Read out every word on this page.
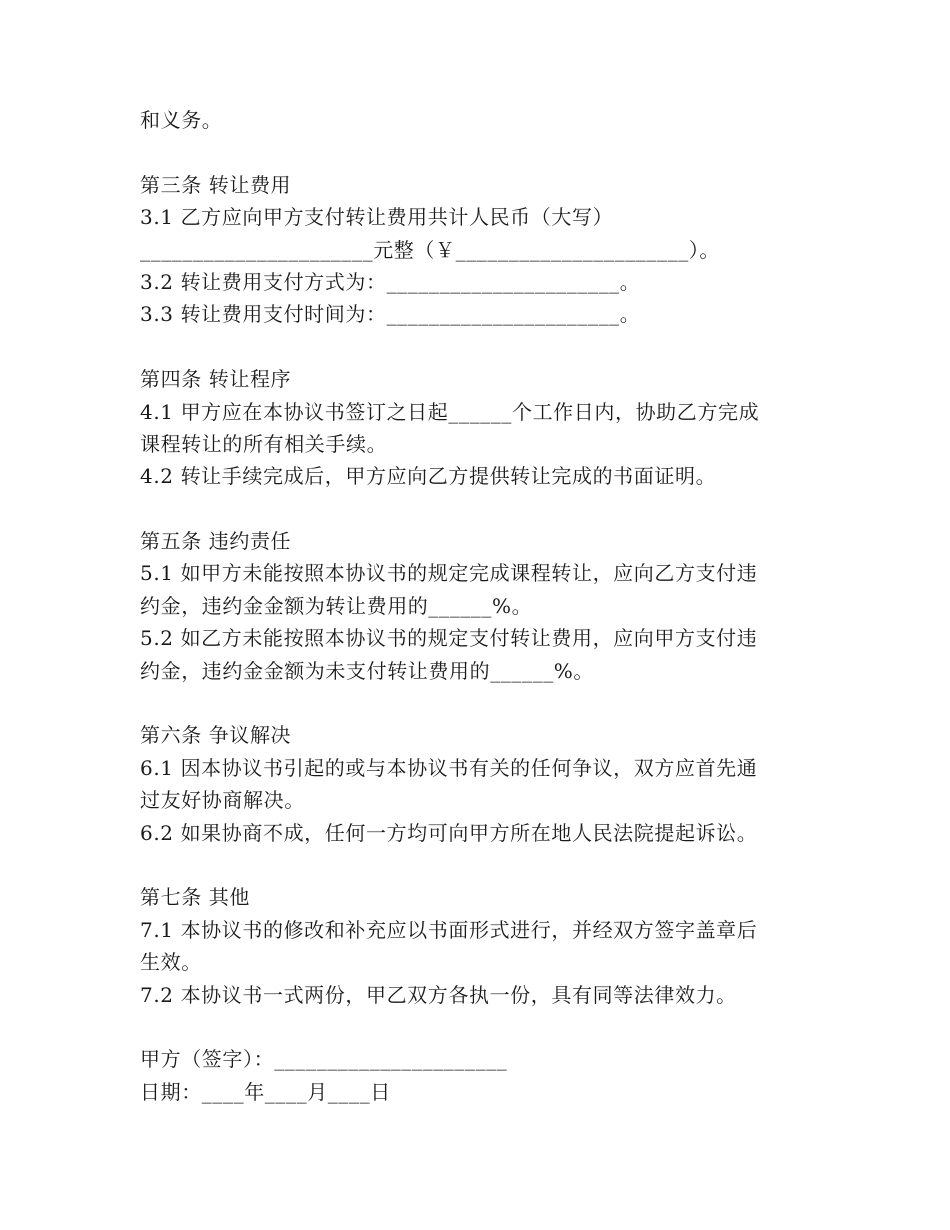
和义务。
第三条 转让费用
3.1 乙方应向甲方支付转让费用共计人民币（大写）
______________________元整（￥______________________）。
3.2 转让费用支付方式为：______________________。
3.3 转让费用支付时间为：______________________。
第四条 转让程序
4.1 甲方应在本协议书签订之日起______个工作日内，协助乙方完成
课程转让的所有相关手续。
4.2 转让手续完成后，甲方应向乙方提供转让完成的书面证明。
第五条 违约责任
5.1 如甲方未能按照本协议书的规定完成课程转让，应向乙方支付违
约金，违约金金额为转让费用的______%。
5.2 如乙方未能按照本协议书的规定支付转让费用，应向甲方支付违
约金，违约金金额为未支付转让费用的______%。
第六条 争议解决
6.1 因本协议书引起的或与本协议书有关的任何争议，双方应首先通
过友好协商解决。
6.2 如果协商不成，任何一方均可向甲方所在地人民法院提起诉讼。
第七条 其他
7.1 本协议书的修改和补充应以书面形式进行，并经双方签字盖章后
生效。
7.2 本协议书一式两份，甲乙双方各执一份，具有同等法律效力。
甲方（签字）：______________________
日期：____年____月____日
